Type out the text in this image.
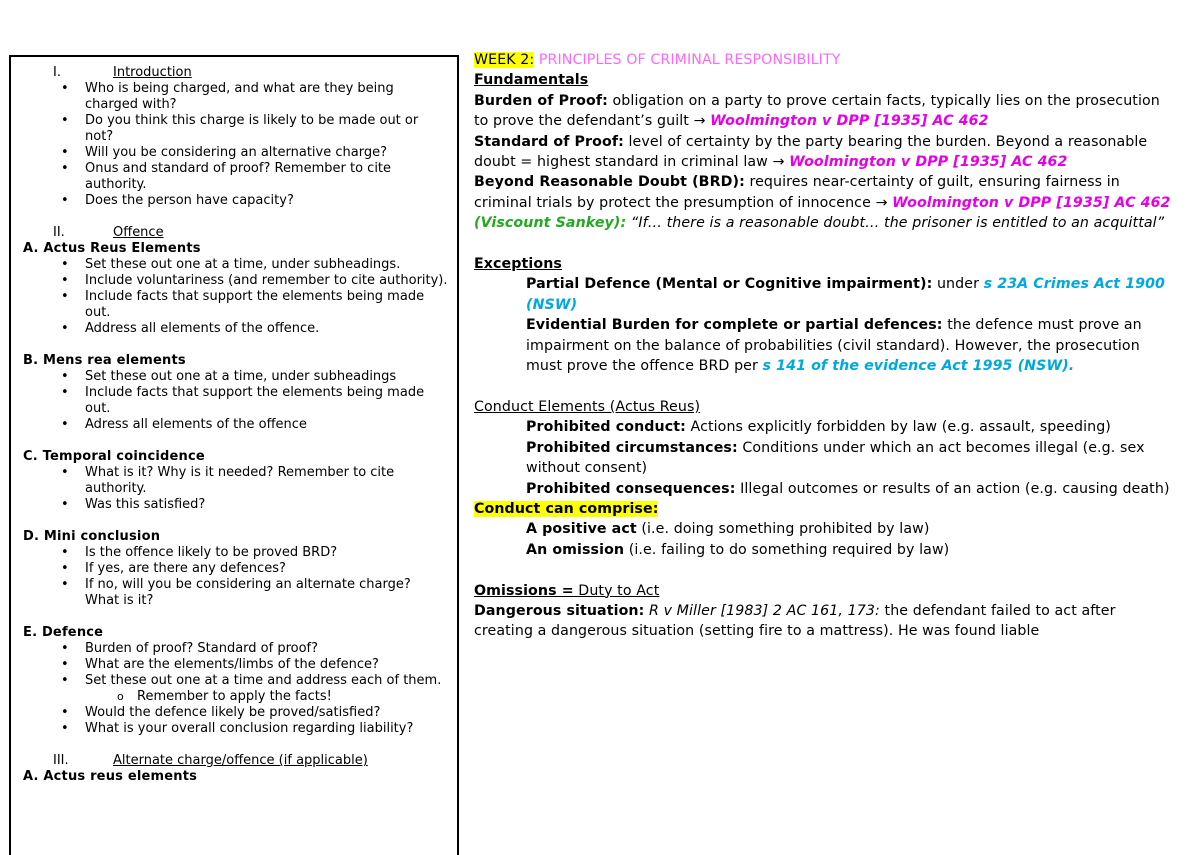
I.	Introduction
• Who is being charged, and what are they being charged with?
• Do you think this charge is likely to be made out or not?
• Will you be considering an alternative charge?
• Onus and standard of proof? Remember to cite authority.
• Does the person have capacity?
II.	Offence
A. Actus Reus Elements
• Set these out one at a time, under subheadings.
• Include voluntariness (and remember to cite authority).
• Include facts that support the elements being made out.
• Address all elements of the offence.
B. Mens rea elements
• Set these out one at a time, under subheadings
• Include facts that support the elements being made out.
• Adress all elements of the offence
C. Temporal coincidence
• What is it? Why is it needed? Remember to cite authority.
• Was this satisfied?
D. Mini conclusion
• Is the offence likely to be proved BRD?
• If yes, are there any defences?
• If no, will you be considering an alternate charge? What is it?
E. Defence
• Burden of proof? Standard of proof?
• What are the elements/limbs of the defence?
• Set these out one at a time and address each of them.
o Remember to apply the facts!
• Would the defence likely be proved/satisfied?
• What is your overall conclusion regarding liability?
III.	Alternate charge/offence (if applicable)
A. Actus reus elements
WEEK 2: PRINCIPLES OF CRIMINAL RESPONSIBILITY
Fundamentals
Burden of Proof: obligation on a party to prove certain facts, typically lies on the prosecution to prove the defendant’s guilt → Woolmington v DPP [1935] AC 462
Standard of Proof: level of certainty by the party bearing the burden. Beyond a reasonable doubt = highest standard in criminal law → Woolmington v DPP [1935] AC 462
Beyond Reasonable Doubt (BRD): requires near-certainty of guilt, ensuring fairness in criminal trials by protect the presumption of innocence → Woolmington v DPP [1935] AC 462 (Viscount Sankey): “If… there is a reasonable doubt… the prisoner is entitled to an acquittal”
Exceptions
Partial Defence (Mental or Cognitive impairment): under s 23A Crimes Act 1900 (NSW)
Evidential Burden for complete or partial defences: the defence must prove an impairment on the balance of probabilities (civil standard). However, the prosecution must prove the offence BRD per s 141 of the evidence Act 1995 (NSW).
Conduct Elements (Actus Reus)
Prohibited conduct: Actions explicitly forbidden by law (e.g. assault, speeding)
Prohibited circumstances: Conditions under which an act becomes illegal (e.g. sex without consent)
Prohibited consequences: Illegal outcomes or results of an action (e.g. causing death)
Conduct can comprise:
A positive act (i.e. doing something prohibited by law)
An omission (i.e. failing to do something required by law)
Omissions = Duty to Act
Dangerous situation: R v Miller [1983] 2 AC 161, 173: the defendant failed to act after creating a dangerous situation (setting fire to a mattress). He was found liable
